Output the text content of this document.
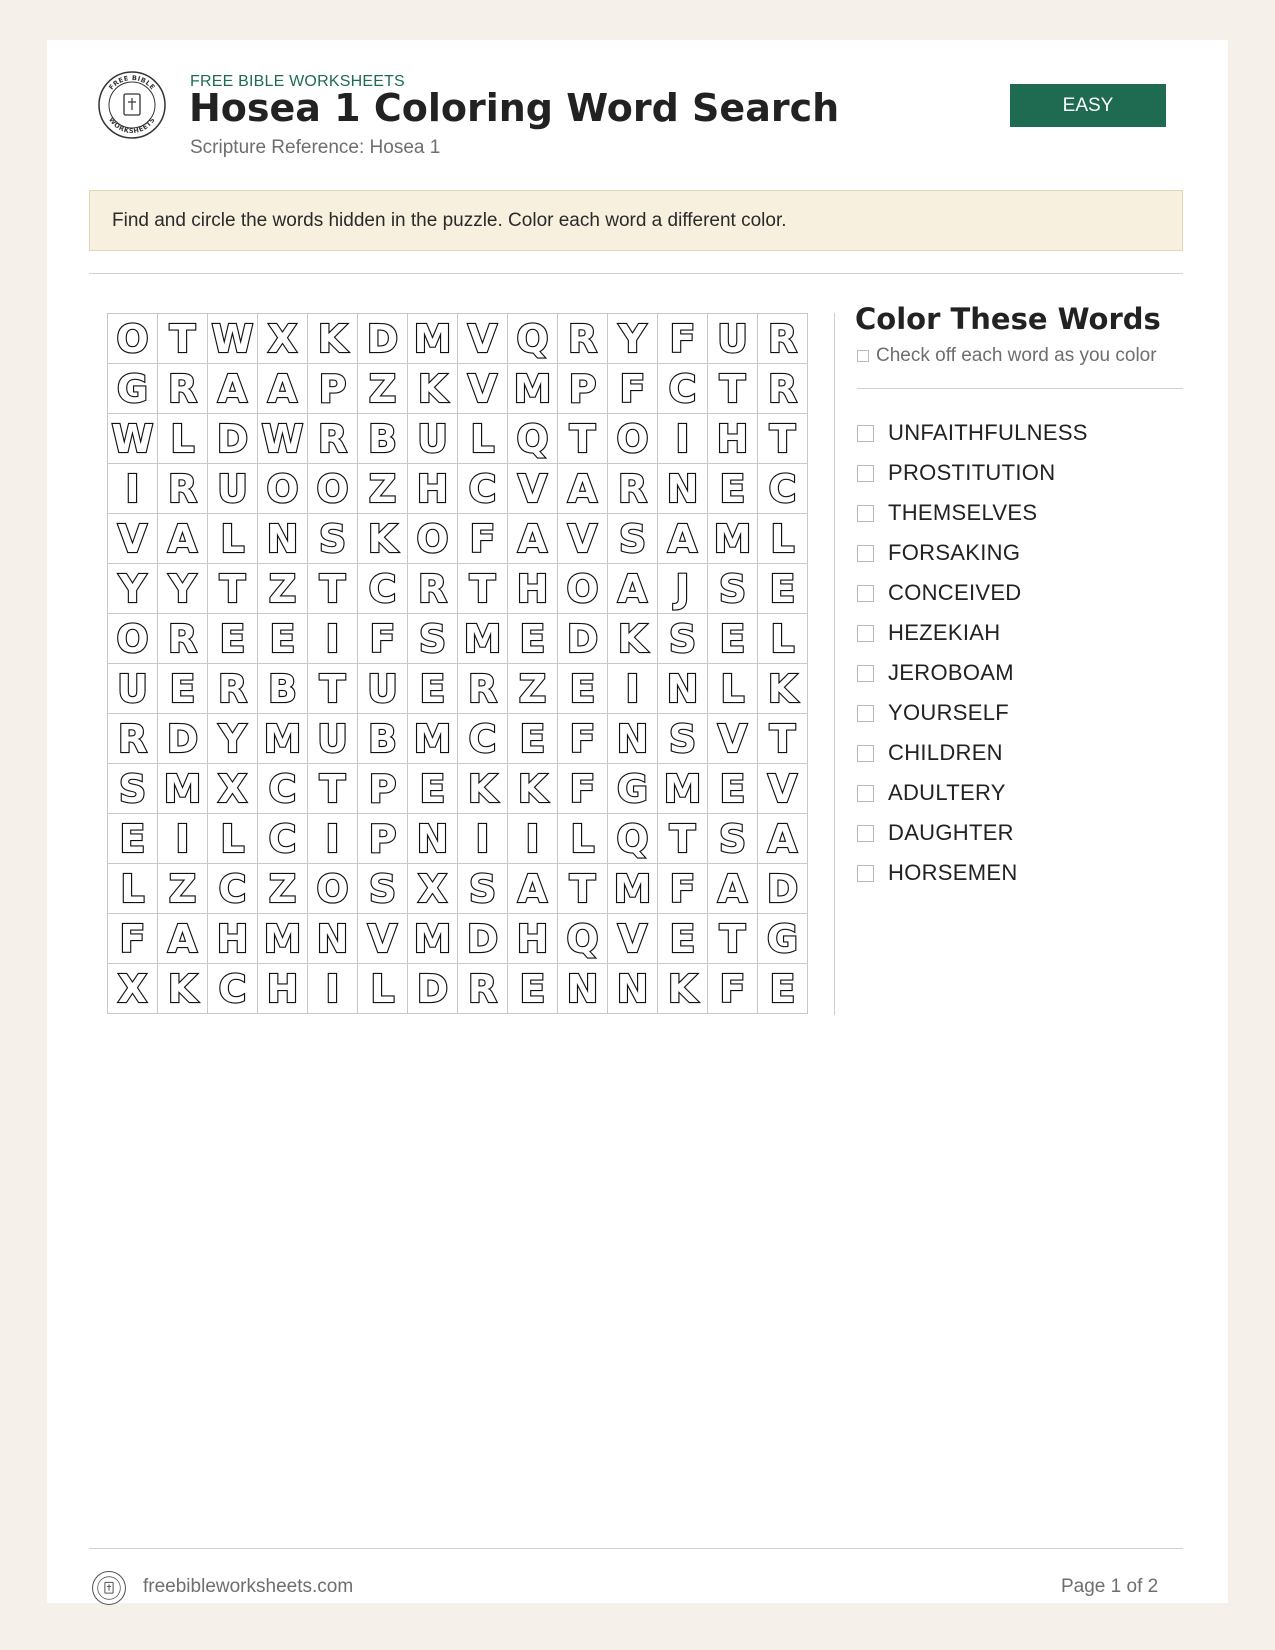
FREE BIBLE
WORKSHEETS
FREE BIBLE WORKSHEETS
Hosea 1 Coloring Word Search
Scripture Reference: Hosea 1
EASY
Find and circle the words hidden in the puzzle. Color each word a different color.
O T W X K D M V Q R Y F U R
G R A A P Z K V M P F C T R
W L D W R B U L Q T O I H T
I R U O O Z H C V A R N E C
V A L N S K O F A V S A M L
Y Y T Z T C R T H O A J S E
O R E E I F S M E D K S E L
U E R B T U E R Z E I N L K
R D Y M U B M C E F N S V T
S M X C T P E K K F G M E V
E I L C I P N I I L Q T S A
L Z C Z O S X S A T M F A D
F A H M N V M D H Q V E T G
X K C H I L D R E N N K F E
Color These Words
Check off each word as you color
UNFAITHFULNESS
PROSTITUTION
THEMSELVES
FORSAKING
CONCEIVED
HEZEKIAH
JEROBOAM
YOURSELF
CHILDREN
ADULTERY
DAUGHTER
HORSEMEN
freebibleworksheets.com	Page 1 of 2
